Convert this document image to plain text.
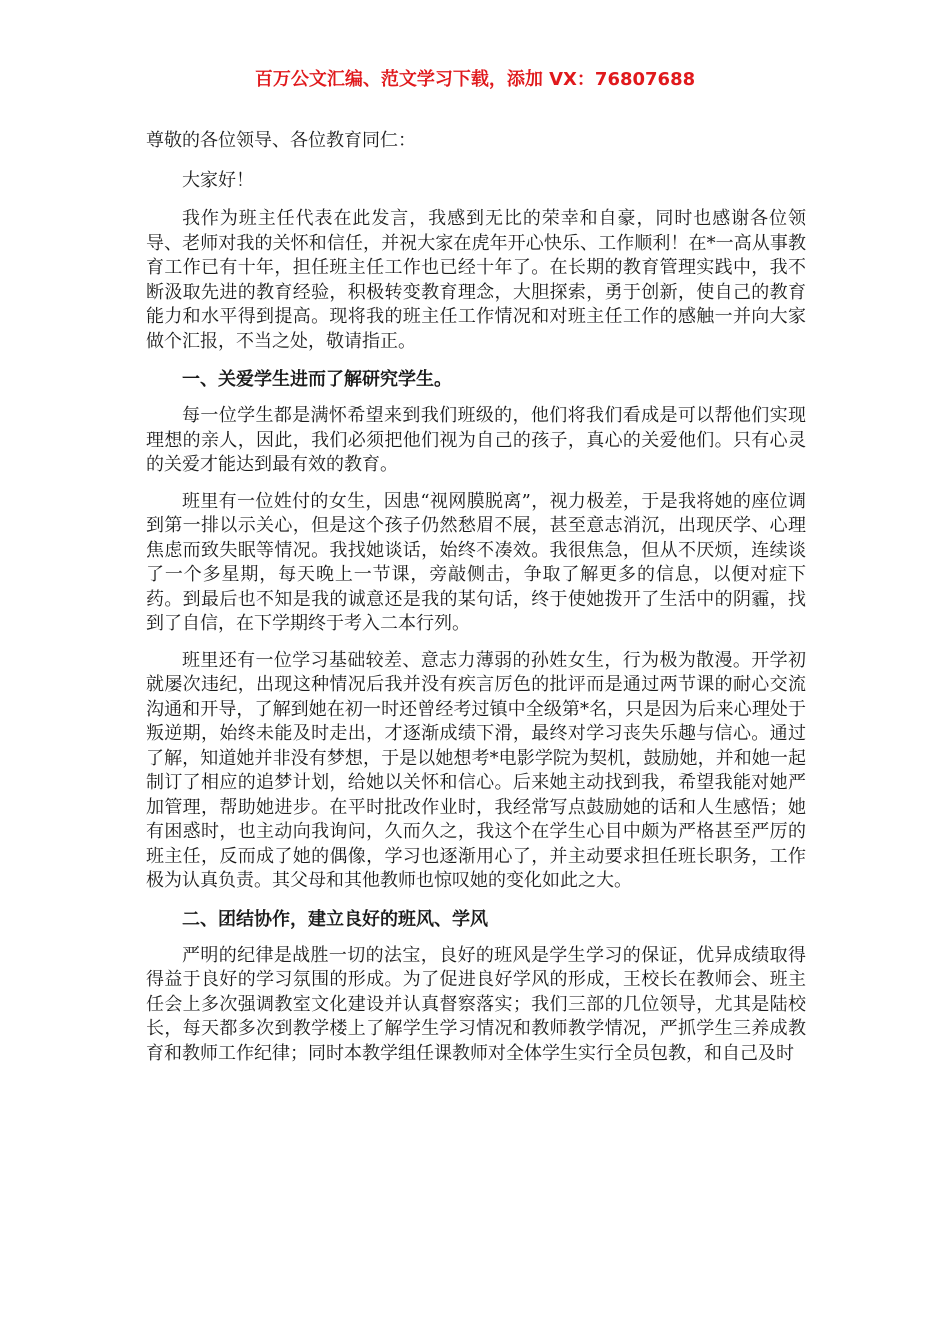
百万公文汇编、范文学习下载，添加 VX：76807688
尊敬的各位领导、各位教育同仁：

大家好！

我作为班主任代表在此发言，我感到无比的荣幸和自豪，同时也感谢各位领导、老师对我的关怀和信任，并祝大家在虎年开心快乐、工作顺利！在*一高从事教育工作已有十年，担任班主任工作也已经十年了。在长期的教育管理实践中，我不断汲取先进的教育经验，积极转变教育理念，大胆探索，勇于创新，使自己的教育能力和水平得到提高。现将我的班主任工作情况和对班主任工作的感触一并向大家做个汇报，不当之处，敬请指正。

一、关爱学生进而了解研究学生。

每一位学生都是满怀希望来到我们班级的，他们将我们看成是可以帮他们实现理想的亲人，因此，我们必须把他们视为自己的孩子，真心的关爱他们。只有心灵的关爱才能达到最有效的教育。

班里有一位姓付的女生，因患“视网膜脱离”，视力极差，于是我将她的座位调到第一排以示关心，但是这个孩子仍然愁眉不展，甚至意志消沉，出现厌学、心理焦虑而致失眠等情况。我找她谈话，始终不凑效。我很焦急，但从不厌烦，连续谈了一个多星期，每天晚上一节课，旁敲侧击，争取了解更多的信息，以便对症下药。到最后也不知是我的诚意还是我的某句话，终于使她拨开了生活中的阴霾，找到了自信，在下学期终于考入二本行列。

班里还有一位学习基础较差、意志力薄弱的孙姓女生，行为极为散漫。开学初就屡次违纪，出现这种情况后我并没有疾言厉色的批评而是通过两节课的耐心交流沟通和开导，了解到她在初一时还曾经考过镇中全级第*名，只是因为后来心理处于叛逆期，始终未能及时走出，才逐渐成绩下滑，最终对学习丧失乐趣与信心。通过了解，知道她并非没有梦想，于是以她想考*电影学院为契机，鼓励她，并和她一起制订了相应的追梦计划，给她以关怀和信心。后来她主动找到我，希望我能对她严加管理，帮助她进步。在平时批改作业时，我经常写点鼓励她的话和人生感悟；她有困惑时，也主动向我询问，久而久之，我这个在学生心目中颇为严格甚至严厉的班主任，反而成了她的偶像，学习也逐渐用心了，并主动要求担任班长职务，工作极为认真负责。其父母和其他教师也惊叹她的变化如此之大。

二、团结协作，建立良好的班风、学风

严明的纪律是战胜一切的法宝，良好的班风是学生学习的保证，优异成绩取得得益于良好的学习氛围的形成。为了促进良好学风的形成，王校长在教师会、班主任会上多次强调教室文化建设并认真督察落实；我们三部的几位领导，尤其是陆校长，每天都多次到教学楼上了解学生学习情况和教师教学情况，严抓学生三养成教育和教师工作纪律；同时本教学组任课教师对全体学生实行全员包教，和自己及时
